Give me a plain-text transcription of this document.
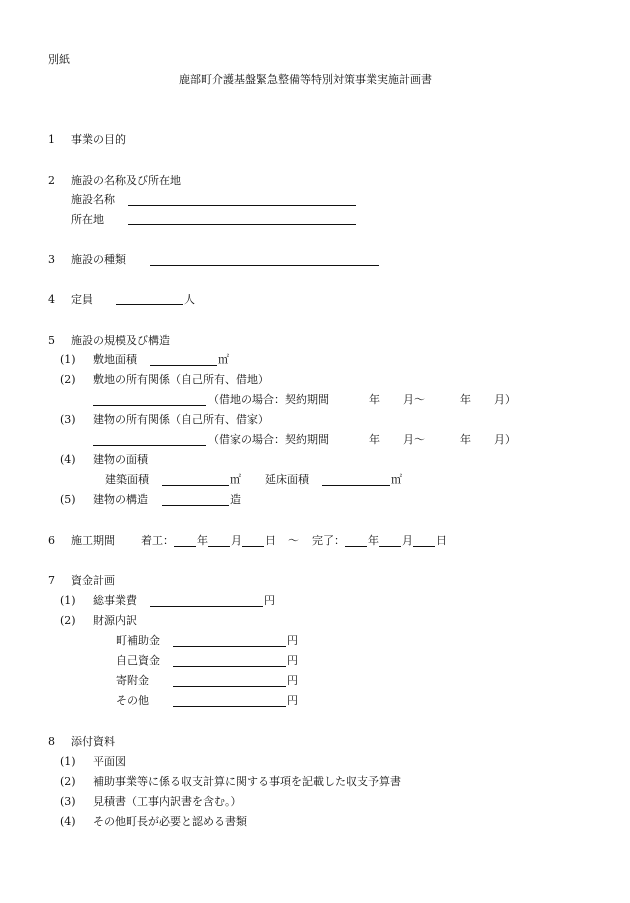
別紙
鹿部町介護基盤緊急整備等特別対策事業実施計画書
1 事業の目的
2 施設の名称及び所在地
施設名称
所在地
3 施設の種類
4 定員	人
5 施設の規模及び構造
(1) 敷地面積	㎡
(2) 敷地の所有関係（自己所有、借地）
（借地の場合：契約期間	年 月～	年 月）
(3) 建物の所有関係（自己所有、借家）
（借家の場合：契約期間	年 月～	年 月）
(4) 建物の面積
建築面積	㎡ 延床面積	㎡
(5) 建物の構造	造
6 施工期間 着工： 年 月 日 ～ 完了： 年 月 日
7 資金計画
(1) 総事業費	円
(2) 財源内訳
町補助金	円
自己資金	円
寄附金	円
その他	円
8 添付資料
(1) 平面図
(2) 補助事業等に係る収支計算に関する事項を記載した収支予算書
(3) 見積書（工事内訳書を含む。）
(4) その他町長が必要と認める書類
